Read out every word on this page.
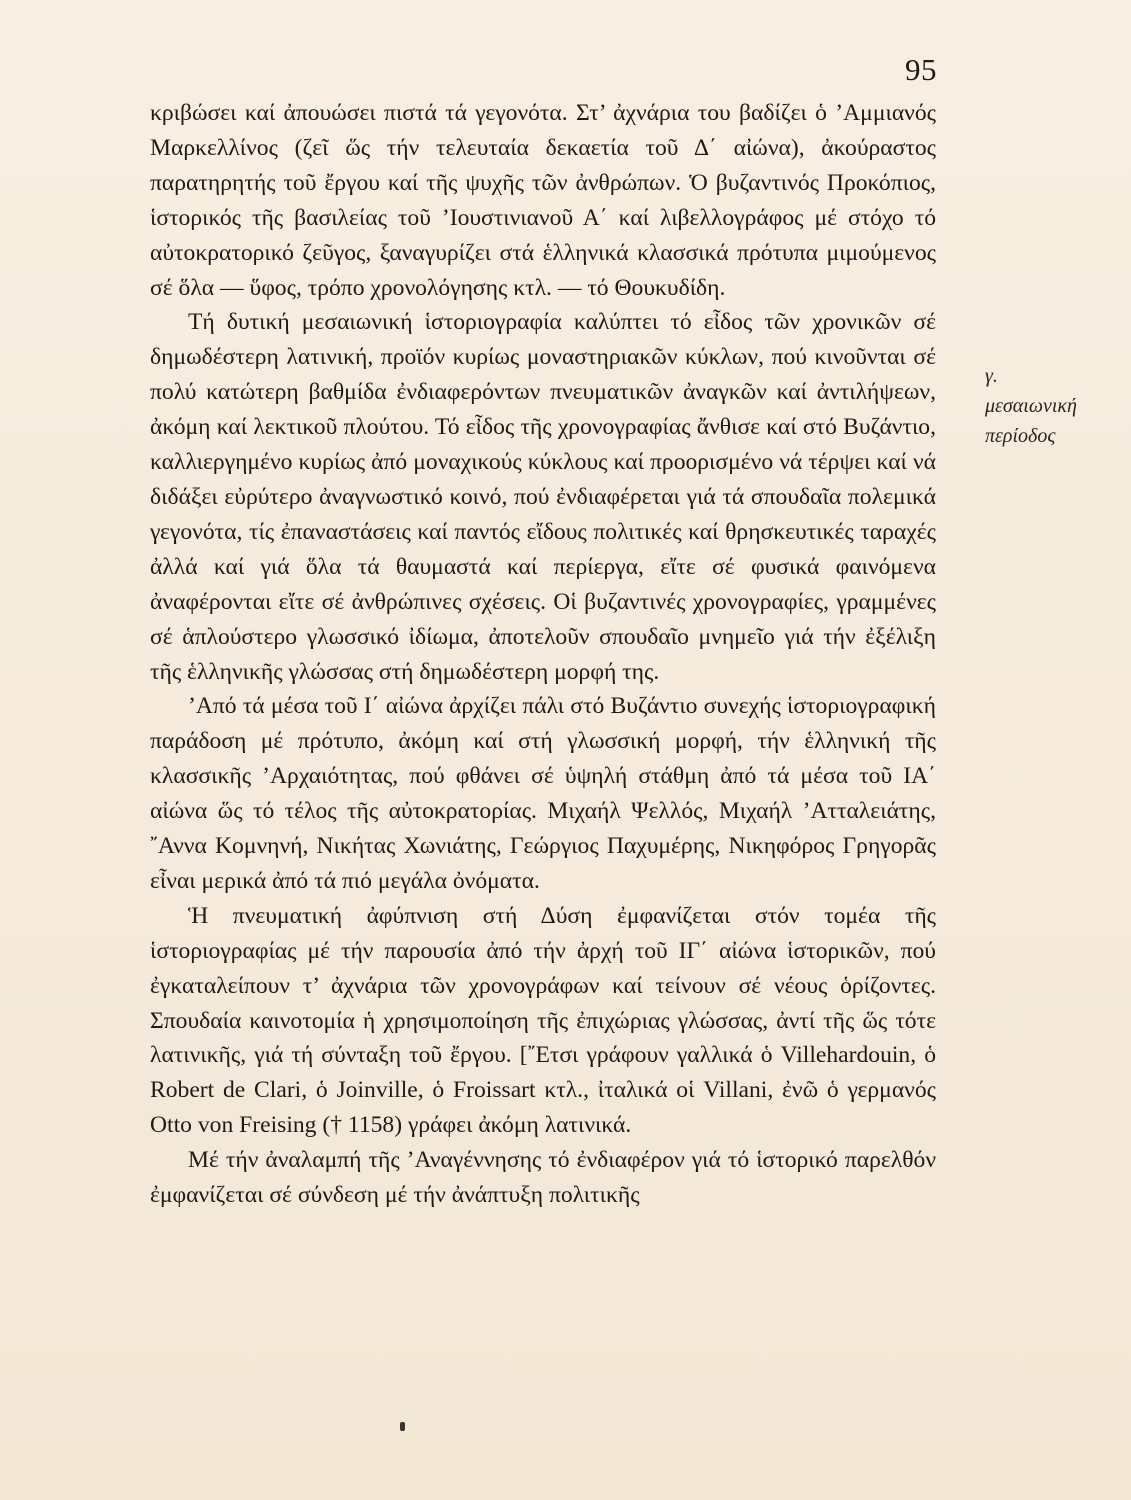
95

κριβώσει καί ἀπουώσει πιστά τά γεγονότα. Στ’ ἀχνάρια του βαδίζει ὁ ’Αμμιανός Μαρκελλίνος (ζεῖ ὥς τήν τελευταία δεκαετία τοῦ Δ΄ αἰώνα), ἀκούραστος παρατηρητής τοῦ ἔργου καί τῆς ψυχῆς τῶν ἀνθρώπων. Ὁ βυζαντινός Προκόπιος, ἱστορικός τῆς βασιλείας τοῦ ’Ιουστινιανοῦ Α΄ καί λιβελλογράφος μέ στόχο τό αὐτοκρατορικό ζεῦγος, ξαναγυρίζει στά ἑλληνικά κλασσικά πρότυπα μιμούμενος σέ ὅλα — ὕφος, τρόπο χρονολόγησης κτλ. — τό Θουκυδίδη.

Τή δυτική μεσαιωνική ἱστοριογραφία καλύπτει τό εἶδος τῶν χρονικῶν σέ δημωδέστερη λατινική, προϊόν κυρίως μοναστηριακῶν κύκλων, πού κινοῦνται σέ πολύ κατώτερη βαθμίδα ἐνδιαφερόντων πνευματικῶν ἀναγκῶν καί ἀντιλήψεων, ἀκόμη καί λεκτικοῦ πλούτου. Τό εἶδος τῆς χρονογραφίας ἄνθισε καί στό Βυζάντιο, καλλιεργημένο κυρίως ἀπό μοναχικούς κύκλους καί προορισμένο νά τέρψει καί νά διδάξει εὐρύτερο ἀναγνωστικό κοινό, πού ἐνδιαφέρεται γιά τά σπουδαῖα πολεμικά γεγονότα, τίς ἐπαναστάσεις καί παντός εἴδους πολιτικές καί θρησκευτικές ταραχές ἀλλά καί γιά ὅλα τά θαυμαστά καί περίεργα, εἴτε σέ φυσικά φαινόμενα ἀναφέρονται εἴτε σέ ἀνθρώπινες σχέσεις. Οἱ βυζαντινές χρονογραφίες, γραμμένες σέ ἁπλούστερο γλωσσικό ἰδίωμα, ἀποτελοῦν σπουδαῖο μνημεῖο γιά τήν ἐξέλιξη τῆς ἑλληνικῆς γλώσσας στή δημωδέστερη μορφή της.

’Από τά μέσα τοῦ Ι΄ αἰώνα ἀρχίζει πάλι στό Βυζάντιο συνεχής ἱστοριογραφική παράδοση μέ πρότυπο, ἀκόμη καί στή γλωσσική μορφή, τήν ἑλληνική τῆς κλασσικῆς ’Αρχαιότητας, πού φθάνει σέ ὑψηλή στάθμη ἀπό τά μέσα τοῦ ΙΑ΄ αἰώνα ὥς τό τέλος τῆς αὐτοκρατορίας. Μιχαήλ Ψελλός, Μιχαήλ ’Ατταλειάτης, ῎Αννα Κομνηνή, Νικήτας Χωνιάτης, Γεώργιος Παχυμέρης, Νικηφόρος Γρηγορᾶς εἶναι μερικά ἀπό τά πιό μεγάλα ὀνόματα.

Ἡ πνευματική ἀφύπνιση στή Δύση ἐμφανίζεται στόν τομέα τῆς ἱστοριογραφίας μέ τήν παρουσία ἀπό τήν ἀρχή τοῦ ΙΓ΄ αἰώνα ἱστορικῶν, πού ἐγκαταλείπουν τ’ ἀχνάρια τῶν χρονογράφων καί τείνουν σέ νέους ὁρίζοντες. Σπουδαία καινοτομία ἡ χρησιμοποίηση τῆς ἐπιχώριας γλώσσας, ἀντί τῆς ὥς τότε λατινικῆς, γιά τή σύνταξη τοῦ ἔργου. [῎Ετσι γράφουν γαλλικά ὁ Villehardouin, ὁ Robert de Clari, ὁ Joinville, ὁ Froissart κτλ., ἰταλικά οἱ Villani, ἐνῶ ὁ γερμανός Otto von Freising († 1158) γράφει ἀκόμη λατινικά.

Μέ τήν ἀναλαμπή τῆς ’Αναγέννησης τό ἐνδιαφέρον γιά τό ἱστορικό παρελθόν ἐμφανίζεται σέ σύνδεση μέ τήν ἀνάπτυξη πολιτικῆς

γ.
μεσαιωνική
περίοδος
